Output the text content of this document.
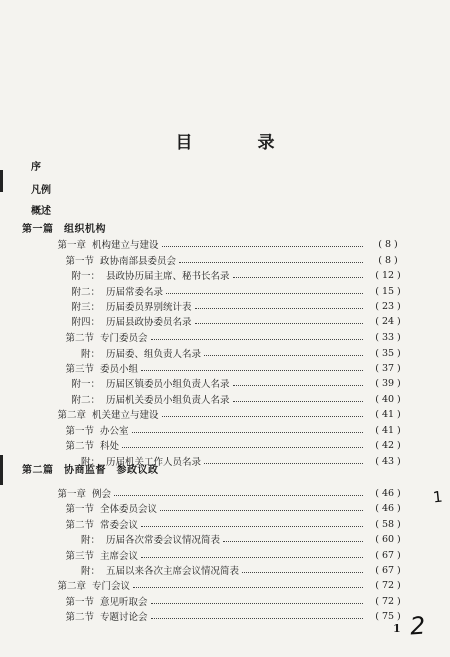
目　录
序
凡例
概述
第一篇　组织机构
第二篇　协商监督　参政议政
第一章 机构建立与建设	( 8 )
第一节 政协南部县委员会	( 8 )
附一： 县政协历届主席、秘书长名录	( 12 )
附二： 历届常委名录	( 15 )
附三： 历届委员界别统计表	( 23 )
附四： 历届县政协委员名录	( 24 )
第二节 专门委员会	( 33 )
附： 历届委、组负责人名录	( 35 )
第三节 委员小组	( 37 )
附一： 历届区镇委员小组负责人名录	( 39 )
附二： 历届机关委员小组负责人名录	( 40 )
第二章 机关建立与建设	( 41 )
第一节 办公室	( 41 )
第二节 科处	( 42 )
附： 历届机关工作人员名录	( 43 )
第一章 例会	( 46 )
第一节 全体委员会议	( 46 )
第二节 常委会议	( 58 )
附： 历届各次常委会议情况简表	( 60 )
第三节 主席会议	( 67 )
附： 五届以来各次主席会议情况简表	( 67 )
第二章 专门会议	( 72 )
第一节 意见听取会	( 72 )
第二节 专题讨论会	( 75 )
1
1
2
